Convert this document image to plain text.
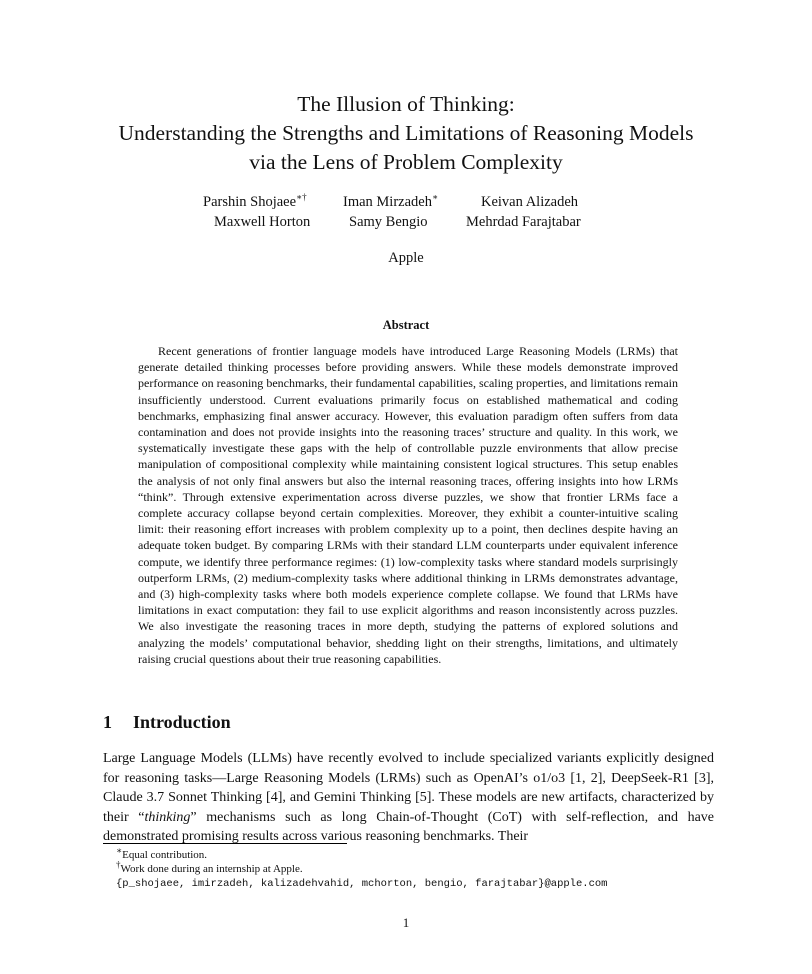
The Illusion of Thinking:
Understanding the Strengths and Limitations of Reasoning Models
via the Lens of Problem Complexity
Parshin Shojaee∗†	Iman Mirzadeh∗	Keivan Alizadeh
Maxwell Horton	Samy Bengio	Mehrdad Farajtabar
Apple
Abstract

Recent generations of frontier language models have introduced Large Reasoning Models (LRMs) that generate detailed thinking processes before providing answers. While these models demonstrate improved performance on reasoning benchmarks, their fundamental capabilities, scaling properties, and limitations remain insufficiently understood. Current evaluations primarily focus on established mathematical and coding benchmarks, emphasizing final answer accuracy. However, this evaluation paradigm often suffers from data contamination and does not provide insights into the reasoning traces’ structure and quality. In this work, we systematically investigate these gaps with the help of controllable puzzle environments that allow precise manipulation of compositional complexity while maintaining consistent logical structures. This setup enables the analysis of not only final answers but also the internal reasoning traces, offering insights into how LRMs “think”. Through extensive experimentation across diverse puzzles, we show that frontier LRMs face a complete accuracy collapse beyond certain complexities. Moreover, they exhibit a counter-intuitive scaling limit: their reasoning effort increases with problem complexity up to a point, then declines despite having an adequate token budget. By comparing LRMs with their standard LLM counterparts under equivalent inference compute, we identify three performance regimes: (1) low-complexity tasks where standard models surprisingly outperform LRMs, (2) medium-complexity tasks where additional thinking in LRMs demonstrates advantage, and (3) high-complexity tasks where both models experience complete collapse. We found that LRMs have limitations in exact computation: they fail to use explicit algorithms and reason inconsistently across puzzles. We also investigate the reasoning traces in more depth, studying the patterns of explored solutions and analyzing the models’ computational behavior, shedding light on their strengths, limitations, and ultimately raising crucial questions about their true reasoning capabilities.

1 Introduction

Large Language Models (LLMs) have recently evolved to include specialized variants explicitly designed for reasoning tasks—Large Reasoning Models (LRMs) such as OpenAI’s o1/o3 [1, 2], DeepSeek-R1 [3], Claude 3.7 Sonnet Thinking [4], and Gemini Thinking [5]. These models are new artifacts, characterized by their “thinking” mechanisms such as long Chain-of-Thought (CoT) with self-reflection, and have demonstrated promising results across various reasoning benchmarks. Their

∗Equal contribution.
†Work done during an internship at Apple.
{p_shojaee, imirzadeh, kalizadehvahid, mchorton, bengio, farajtabar}@apple.com
1
